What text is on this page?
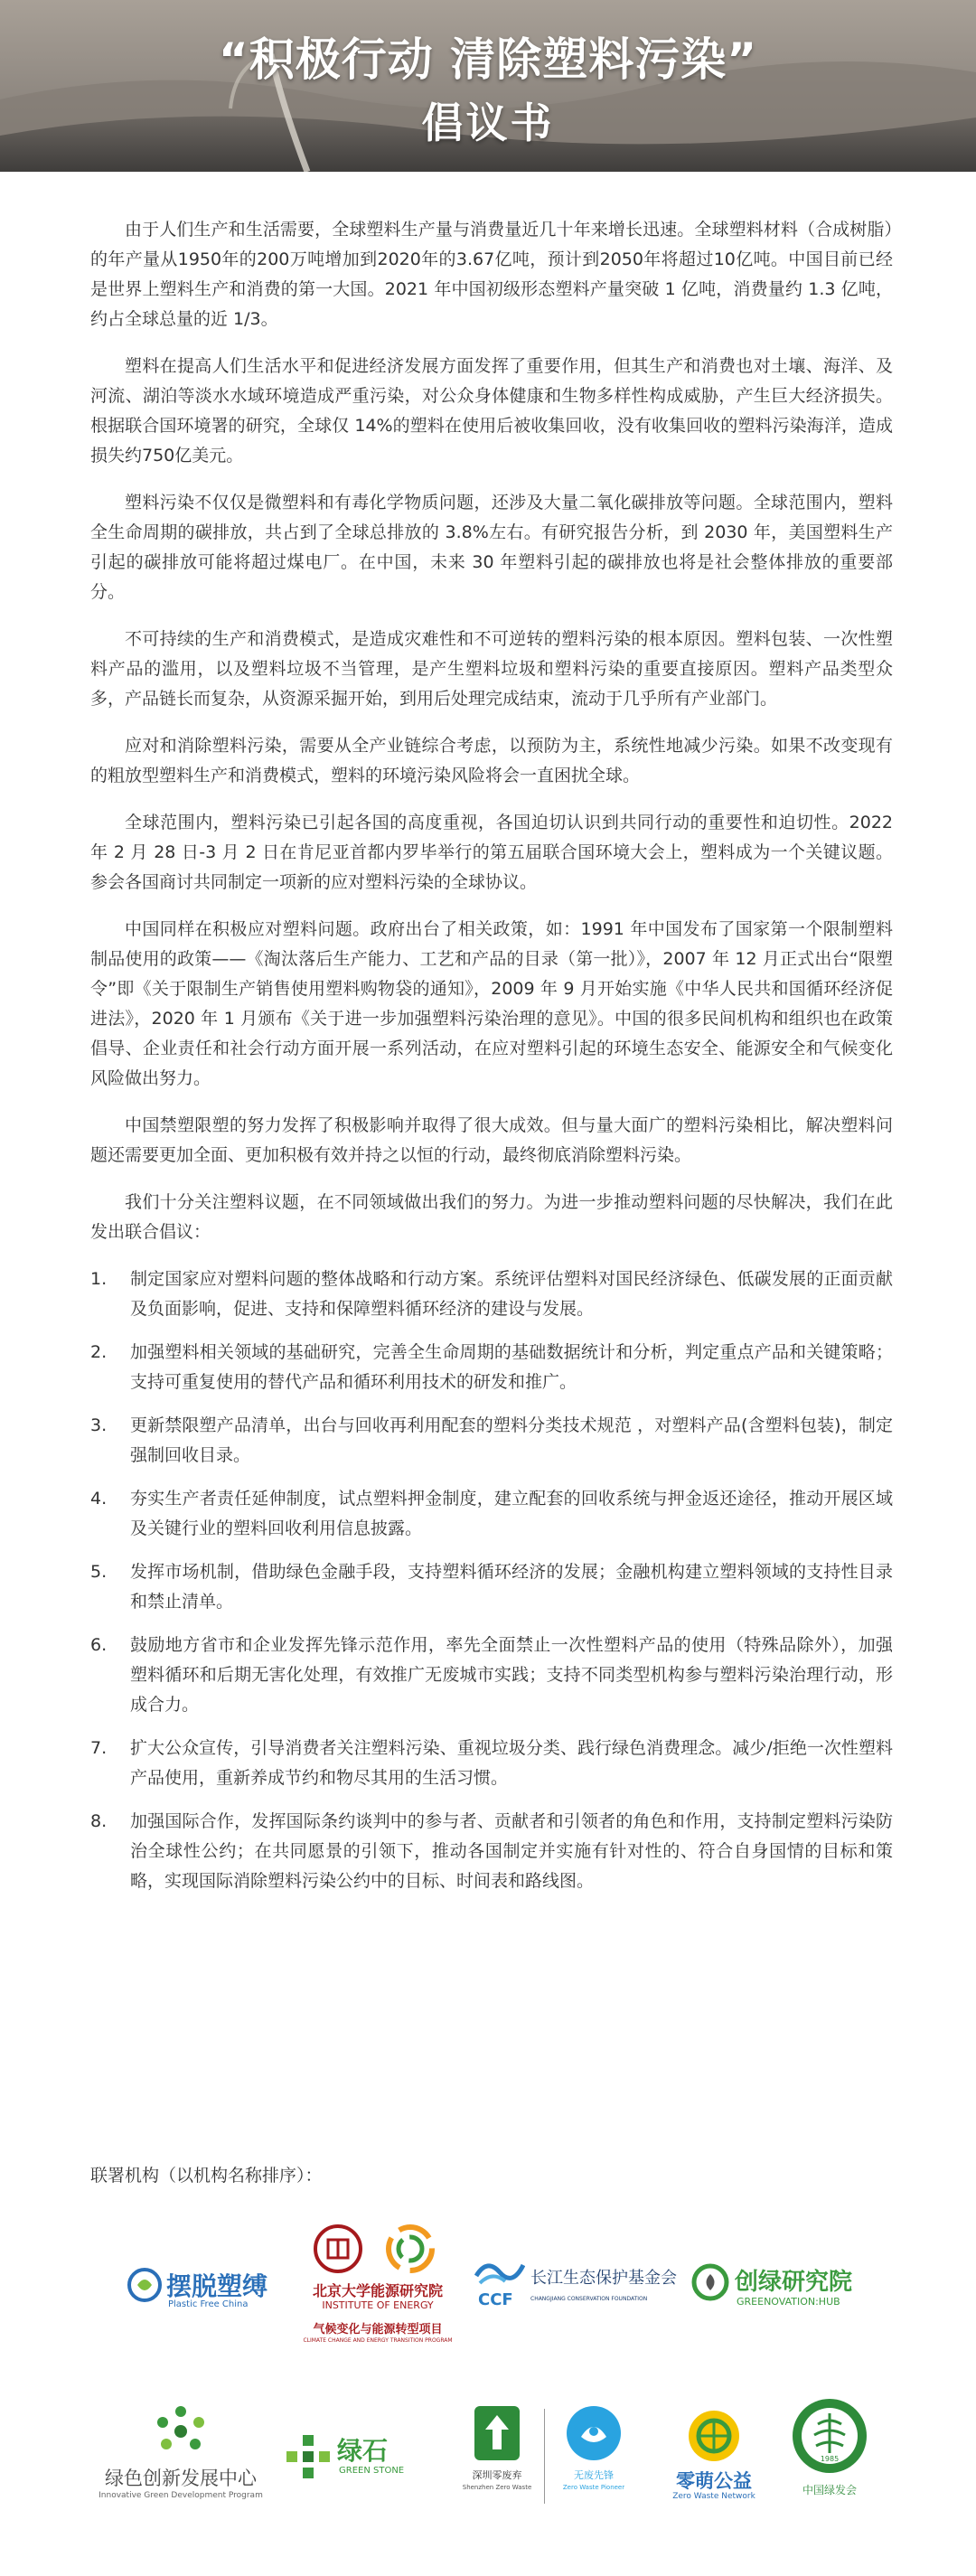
“积极行动 清除塑料污染”
倡议书

由于人们生产和生活需要，全球塑料生产量与消费量近几十年来增长迅速。全球塑料材料（合成树脂）的年产量从1950年的200万吨增加到2020年的3.67亿吨，预计到2050年将超过10亿吨。中国目前已经是世界上塑料生产和消费的第一大国。2021 年中国初级形态塑料产量突破 1 亿吨，消费量约 1.3 亿吨，约占全球总量的近 1/3。

塑料在提高人们生活水平和促进经济发展方面发挥了重要作用，但其生产和消费也对土壤、海洋、及河流、湖泊等淡水水域环境造成严重污染，对公众身体健康和生物多样性构成威胁，产生巨大经济损失。根据联合国环境署的研究，全球仅 14%的塑料在使用后被收集回收，没有收集回收的塑料污染海洋，造成损失约750亿美元。

塑料污染不仅仅是微塑料和有毒化学物质问题，还涉及大量二氧化碳排放等问题。全球范围内，塑料全生命周期的碳排放，共占到了全球总排放的 3.8%左右。有研究报告分析，到 2030 年，美国塑料生产引起的碳排放可能将超过煤电厂。在中国，未来 30 年塑料引起的碳排放也将是社会整体排放的重要部分。

不可持续的生产和消费模式，是造成灾难性和不可逆转的塑料污染的根本原因。塑料包装、一次性塑料产品的滥用，以及塑料垃圾不当管理，是产生塑料垃圾和塑料污染的重要直接原因。塑料产品类型众多，产品链长而复杂，从资源采掘开始，到用后处理完成结束，流动于几乎所有产业部门。

应对和消除塑料污染，需要从全产业链综合考虑，以预防为主，系统性地减少污染。如果不改变现有的粗放型塑料生产和消费模式，塑料的环境污染风险将会一直困扰全球。

全球范围内，塑料污染已引起各国的高度重视，各国迫切认识到共同行动的重要性和迫切性。2022 年 2 月 28 日-3 月 2 日在肯尼亚首都内罗毕举行的第五届联合国环境大会上，塑料成为一个关键议题。参会各国商讨共同制定一项新的应对塑料污染的全球协议。

中国同样在积极应对塑料问题。政府出台了相关政策，如：1991 年中国发布了国家第一个限制塑料制品使用的政策——《淘汰落后生产能力、工艺和产品的目录（第一批）》，2007 年 12 月正式出台“限塑令”即《关于限制生产销售使用塑料购物袋的通知》，2009 年 9 月开始实施《中华人民共和国循环经济促进法》，2020 年 1 月颁布《关于进一步加强塑料污染治理的意见》。中国的很多民间机构和组织也在政策倡导、企业责任和社会行动方面开展一系列活动，在应对塑料引起的环境生态安全、能源安全和气候变化风险做出努力。

中国禁塑限塑的努力发挥了积极影响并取得了很大成效。但与量大面广的塑料污染相比，解决塑料问题还需要更加全面、更加积极有效并持之以恒的行动，最终彻底消除塑料污染。

我们十分关注塑料议题，在不同领域做出我们的努力。为进一步推动塑料问题的尽快解决，我们在此发出联合倡议：

1. 制定国家应对塑料问题的整体战略和行动方案。系统评估塑料对国民经济绿色、低碳发展的正面贡献及负面影响，促进、支持和保障塑料循环经济的建设与发展。
2. 加强塑料相关领域的基础研究，完善全生命周期的基础数据统计和分析，判定重点产品和关键策略；支持可重复使用的替代产品和循环利用技术的研发和推广。
3. 更新禁限塑产品清单，出台与回收再利用配套的塑料分类技术规范 ，对塑料产品(含塑料包装)，制定强制回收目录。
4. 夯实生产者责任延伸制度，试点塑料押金制度，建立配套的回收系统与押金返还途径，推动开展区域及关键行业的塑料回收利用信息披露。
5. 发挥市场机制，借助绿色金融手段，支持塑料循环经济的发展；金融机构建立塑料领域的支持性目录和禁止清单。
6. 鼓励地方省市和企业发挥先锋示范作用，率先全面禁止一次性塑料产品的使用（特殊品除外），加强塑料循环和后期无害化处理，有效推广无废城市实践；支持不同类型机构参与塑料污染治理行动，形成合力。
7. 扩大公众宣传，引导消费者关注塑料污染、重视垃圾分类、践行绿色消费理念。减少/拒绝一次性塑料产品使用，重新养成节约和物尽其用的生活习惯。
8. 加强国际合作，发挥国际条约谈判中的参与者、贡献者和引领者的角色和作用，支持制定塑料污染防治全球性公约；在共同愿景的引领下，推动各国制定并实施有针对性的、符合自身国情的目标和策略，实现国际消除塑料污染公约中的目标、时间表和路线图。
联署机构（以机构名称排序）：
摆脱塑缚
Plastic Free China
北京大学能源研究院
INSTITUTE OF ENERGY
气候变化与能源转型项目
CLIMATE CHANGE AND ENERGY TRANSITION PROGRAM
CCF
长江生态保护基金会
CHANGJIANG CONSERVATION FOUNDATION
创绿研究院
GREENOVATION:HUB
绿色创新发展中心
Innovative Green Development Program
绿石
GREEN STONE	深圳零废弃
Shenzhen Zero Waste
无废先锋
Zero Waste Pioneer	零萌公益
Zero Waste Network
1985
中国绿发会
